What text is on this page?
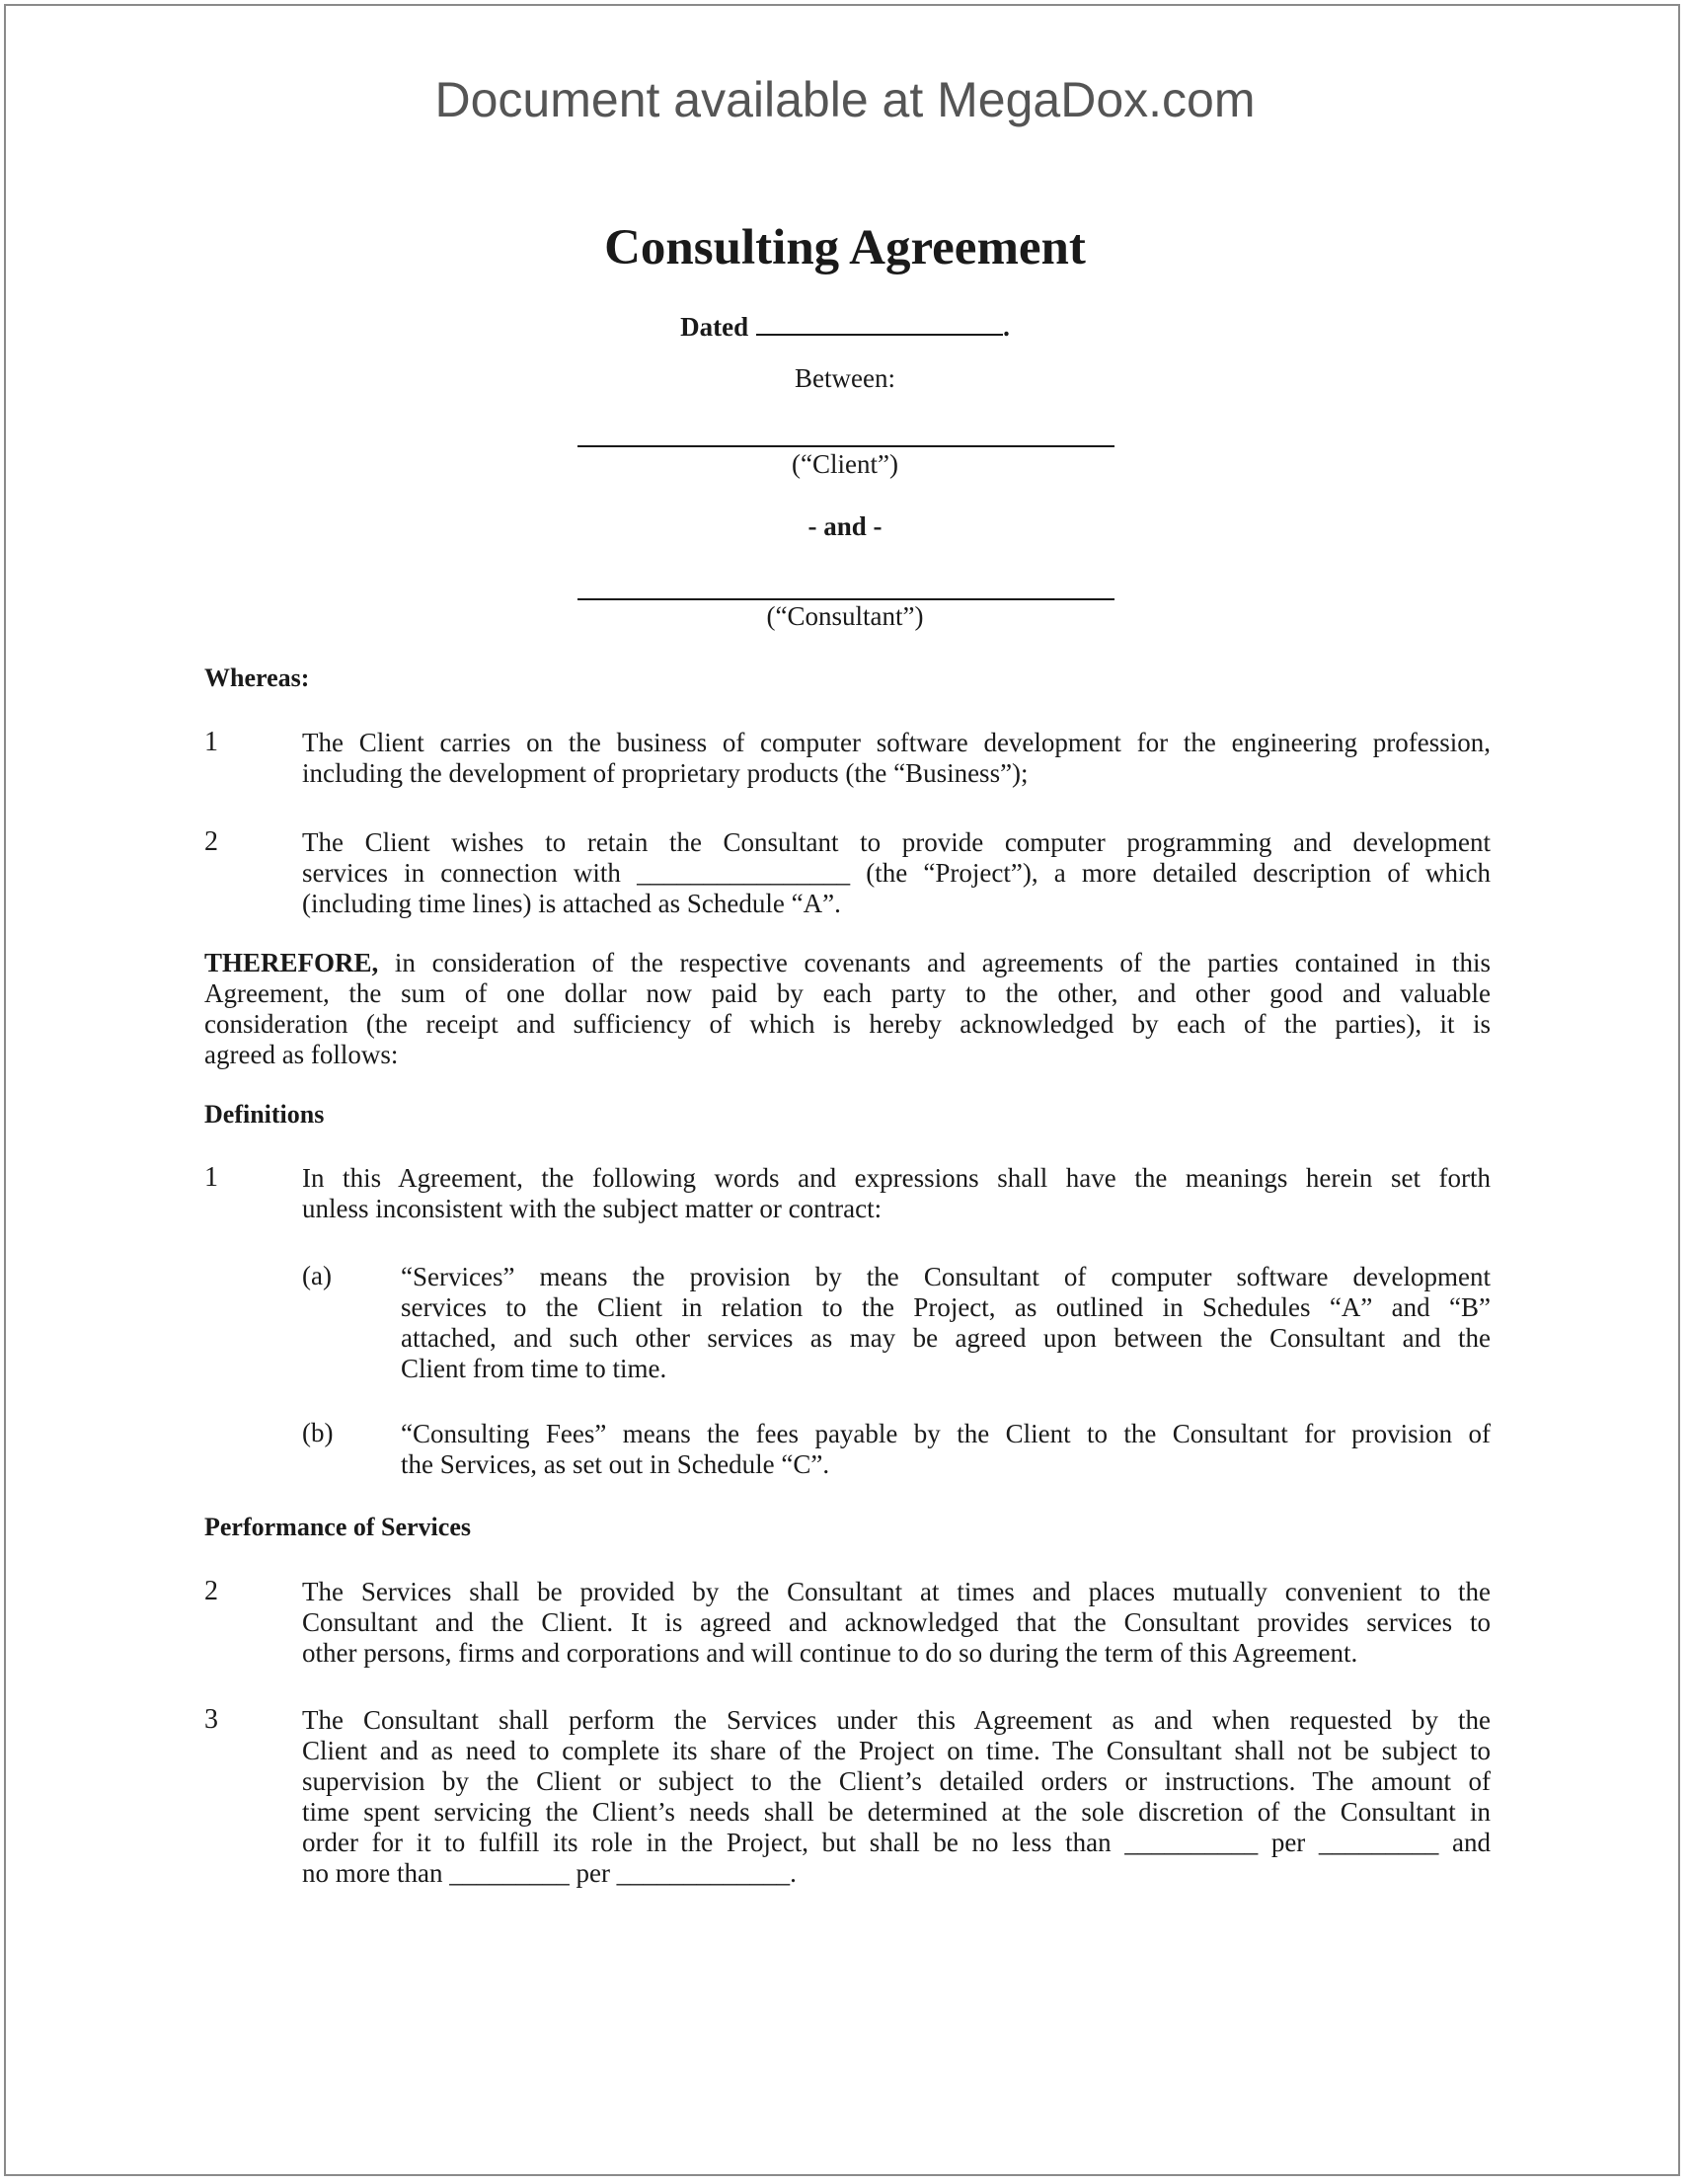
Document available at MegaDox.com
Consulting Agreement
Dated	.
Between:
(“Client”)
- and -
(“Consultant”)
Whereas:
1	The Client carries on the business of computer software development for the engineering profession,
including the development of proprietary products (the “Business”);
2	The Client wishes to retain the Consultant to provide computer programming and development
services in connection with ________________ (the “Project”), a more detailed description of which
(including time lines) is attached as Schedule “A”.
THEREFORE, in consideration of the respective covenants and agreements of the parties contained in this
Agreement, the sum of one dollar now paid by each party to the other, and other good and valuable
consideration (the receipt and sufficiency of which is hereby acknowledged by each of the parties), it is
agreed as follows:
Definitions
1	In this Agreement, the following words and expressions shall have the meanings herein set forth
unless inconsistent with the subject matter or contract:
(a)	“Services” means the provision by the Consultant of computer software development
services to the Client in relation to the Project, as outlined in Schedules “A” and “B”
attached, and such other services as may be agreed upon between the Consultant and the
Client from time to time.
(b)	“Consulting Fees” means the fees payable by the Client to the Consultant for provision of
the Services, as set out in Schedule “C”.
Performance of Services
2	The Services shall be provided by the Consultant at times and places mutually convenient to the
Consultant and the Client. It is agreed and acknowledged that the Consultant provides services to
other persons, firms and corporations and will continue to do so during the term of this Agreement.
3	The Consultant shall perform the Services under this Agreement as and when requested by the
Client and as need to complete its share of the Project on time. The Consultant shall not be subject to
supervision by the Client or subject to the Client’s detailed orders or instructions. The amount of
time spent servicing the Client’s needs shall be determined at the sole discretion of the Consultant in
order for it to fulfill its role in the Project, but shall be no less than __________ per _________ and
no more than _________ per _____________.
